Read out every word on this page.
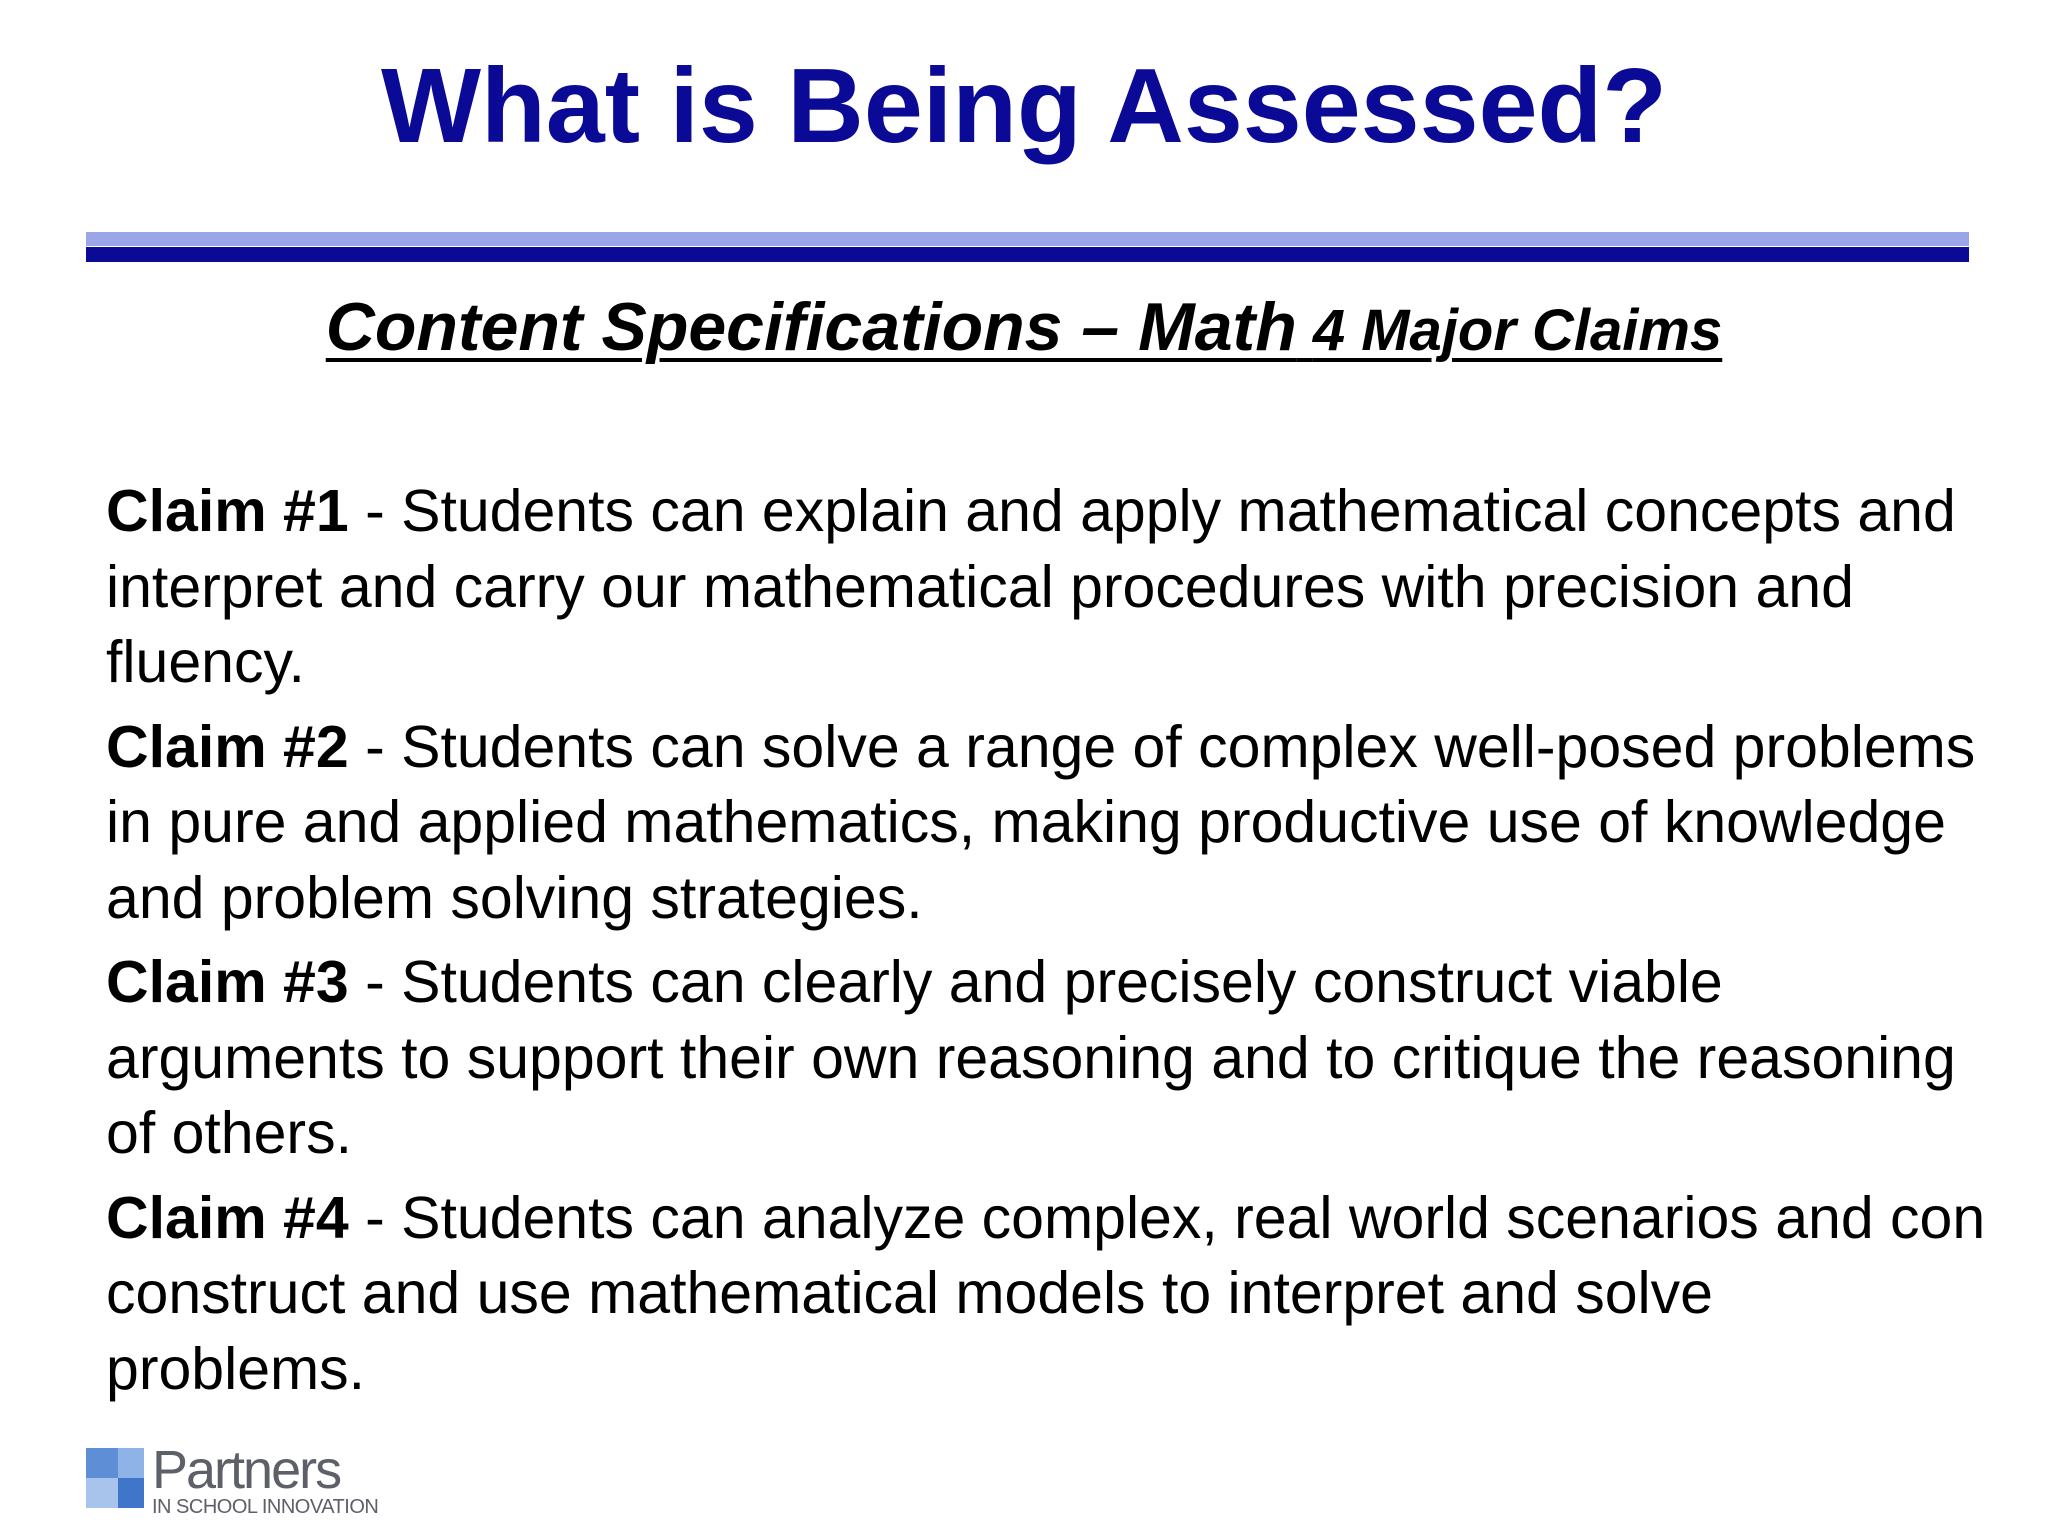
What is Being Assessed?
Content Specifications – Math 4 Major Claims

Claim #1 - Students can explain and apply mathematical concepts and interpret and carry our mathematical procedures with precision and fluency.

Claim #2 - Students can solve a range of complex well-posed problems in pure and applied mathematics, making productive use of knowledge and problem solving strategies.

Claim #3 - Students can clearly and precisely construct viable arguments to support their own reasoning and to critique the reasoning of others.

Claim #4 - Students can analyze complex, real world scenarios and con construct and use mathematical models to interpret and solve problems.

Partners
IN SCHOOL INNOVATION
